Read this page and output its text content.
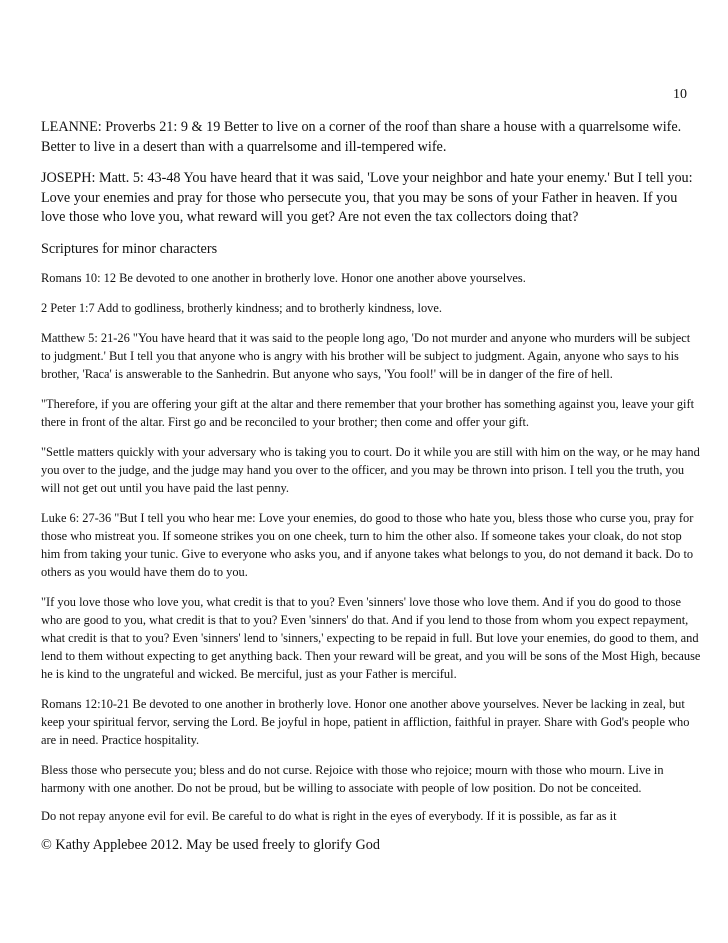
10

LEANNE: Proverbs 21: 9 & 19 Better to live on a corner of the roof than share a house with a quarrelsome wife. Better to live in a desert than with a quarrelsome and ill-tempered wife.

JOSEPH: Matt. 5: 43-48 You have heard that it was said, 'Love your neighbor and hate your enemy.' But I tell you: Love your enemies and pray for those who persecute you, that you may be sons of your Father in heaven. If you love those who love you, what reward will you get? Are not even the tax collectors doing that?

Scriptures for minor characters

Romans 10: 12 Be devoted to one another in brotherly love. Honor one another above yourselves.

2 Peter 1:7 Add to godliness, brotherly kindness; and to brotherly kindness, love.

Matthew 5: 21-26 "You have heard that it was said to the people long ago, 'Do not murder and anyone who murders will be subject to judgment.' But I tell you that anyone who is angry with his brother will be subject to judgment. Again, anyone who says to his brother, 'Raca' is answerable to the Sanhedrin. But anyone who says, 'You fool!' will be in danger of the fire of hell.

"Therefore, if you are offering your gift at the altar and there remember that your brother has something against you, leave your gift there in front of the altar. First go and be reconciled to your brother; then come and offer your gift.

"Settle matters quickly with your adversary who is taking you to court. Do it while you are still with him on the way, or he may hand you over to the judge, and the judge may hand you over to the officer, and you may be thrown into prison. I tell you the truth, you will not get out until you have paid the last penny.

Luke 6: 27-36 "But I tell you who hear me: Love your enemies, do good to those who hate you, bless those who curse you, pray for those who mistreat you. If someone strikes you on one cheek, turn to him the other also. If someone takes your cloak, do not stop him from taking your tunic. Give to everyone who asks you, and if anyone takes what belongs to you, do not demand it back. Do to others as you would have them do to you.

"If you love those who love you, what credit is that to you? Even 'sinners' love those who love them. And if you do good to those who are good to you, what credit is that to you? Even 'sinners' do that. And if you lend to those from whom you expect repayment, what credit is that to you? Even 'sinners' lend to 'sinners,' expecting to be repaid in full. But love your enemies, do good to them, and lend to them without expecting to get anything back. Then your reward will be great, and you will be sons of the Most High, because he is kind to the ungrateful and wicked. Be merciful, just as your Father is merciful.

Romans 12:10-21 Be devoted to one another in brotherly love. Honor one another above yourselves. Never be lacking in zeal, but keep your spiritual fervor, serving the Lord. Be joyful in hope, patient in affliction, faithful in prayer. Share with God's people who are in need. Practice hospitality.

Bless those who persecute you; bless and do not curse. Rejoice with those who rejoice; mourn with those who mourn. Live in harmony with one another. Do not be proud, but be willing to associate with people of low position. Do not be conceited.

Do not repay anyone evil for evil. Be careful to do what is right in the eyes of everybody. If it is possible, as far as it

© Kathy Applebee 2012. May be used freely to glorify God
